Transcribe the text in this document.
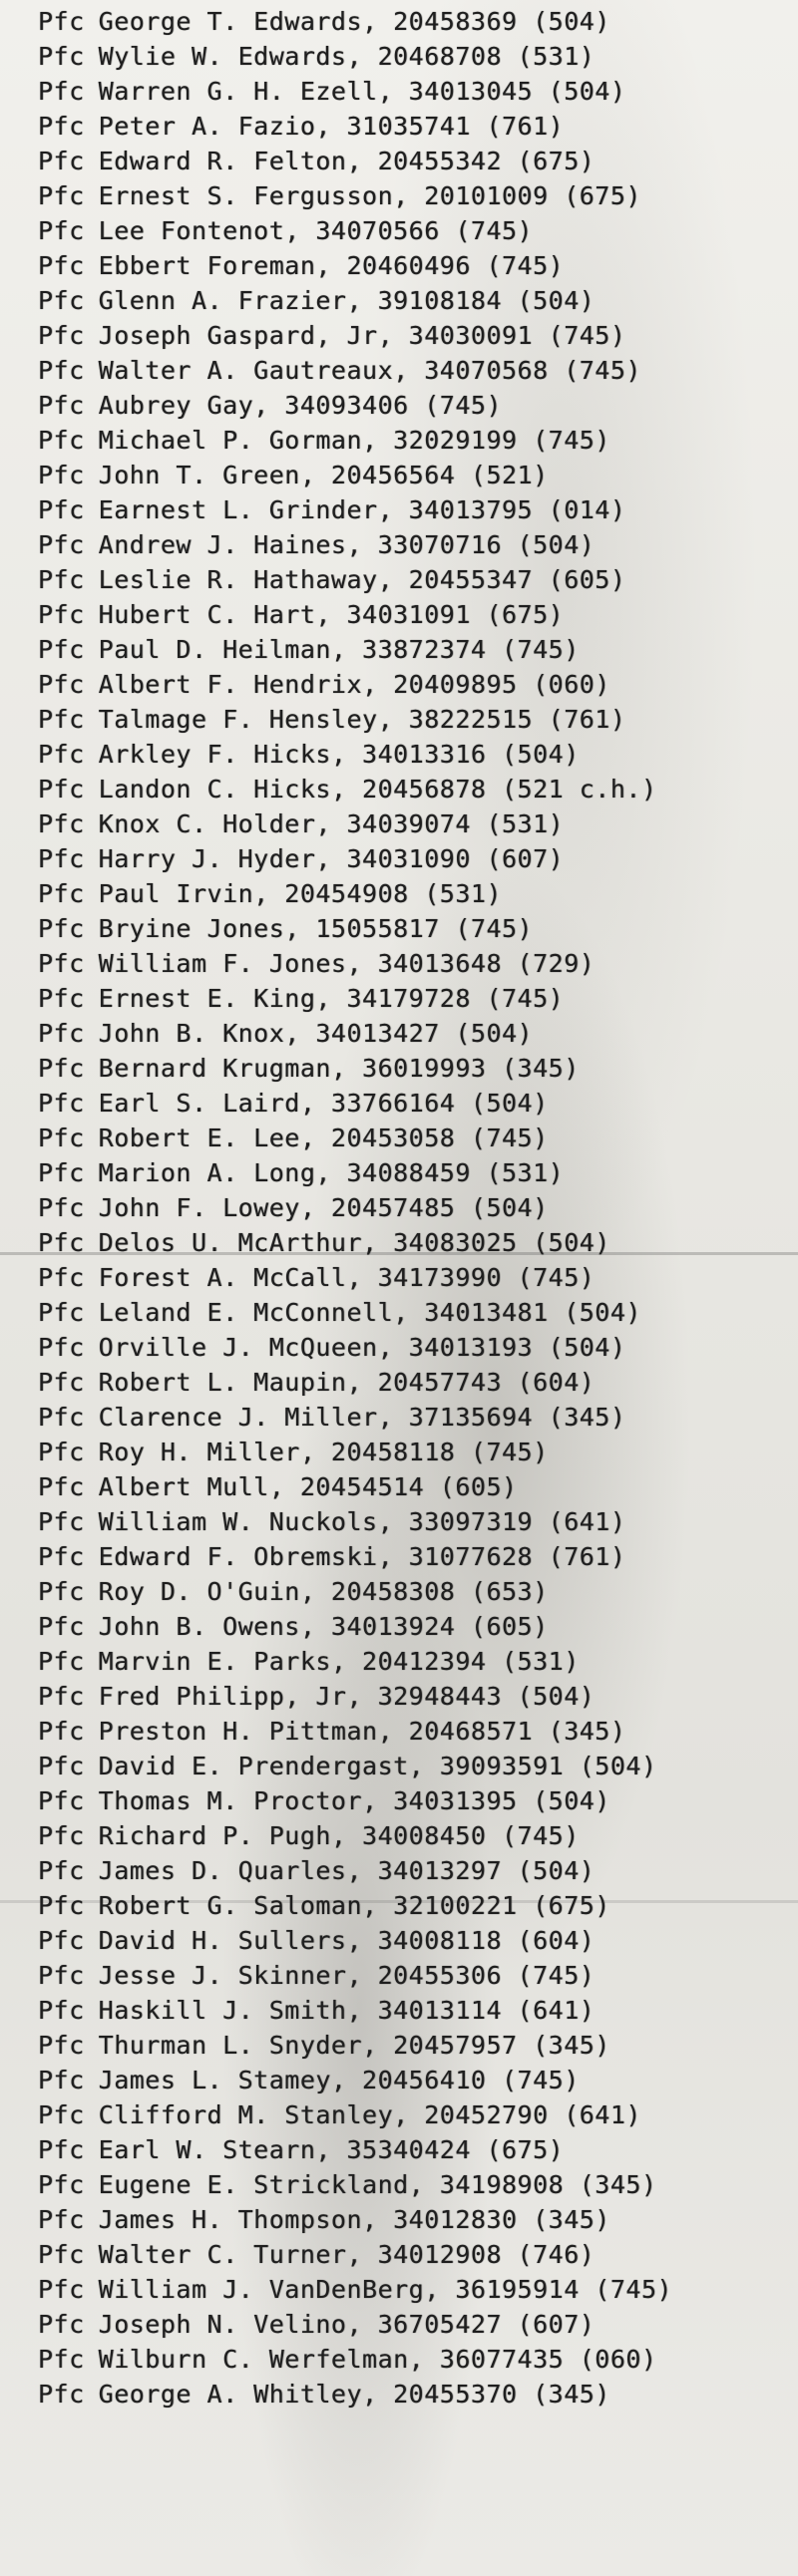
Pfc George T. Edwards, 20458369 (504)
Pfc Wylie W. Edwards, 20468708 (531)
Pfc Warren G. H. Ezell, 34013045 (504)
Pfc Peter A. Fazio, 31035741 (761)
Pfc Edward R. Felton, 20455342 (675)
Pfc Ernest S. Fergusson, 20101009 (675)
Pfc Lee Fontenot, 34070566 (745)
Pfc Ebbert Foreman, 20460496 (745)
Pfc Glenn A. Frazier, 39108184 (504)
Pfc Joseph Gaspard, Jr, 34030091 (745)
Pfc Walter A. Gautreaux, 34070568 (745)
Pfc Aubrey Gay, 34093406 (745)
Pfc Michael P. Gorman, 32029199 (745)
Pfc John T. Green, 20456564 (521)
Pfc Earnest L. Grinder, 34013795 (014)
Pfc Andrew J. Haines, 33070716 (504)
Pfc Leslie R. Hathaway, 20455347 (605)
Pfc Hubert C. Hart, 34031091 (675)
Pfc Paul D. Heilman, 33872374 (745)
Pfc Albert F. Hendrix, 20409895 (060)
Pfc Talmage F. Hensley, 38222515 (761)
Pfc Arkley F. Hicks, 34013316 (504)
Pfc Landon C. Hicks, 20456878 (521 c.h.)
Pfc Knox C. Holder, 34039074 (531)
Pfc Harry J. Hyder, 34031090 (607)
Pfc Paul Irvin, 20454908 (531)
Pfc Bryine Jones, 15055817 (745)
Pfc William F. Jones, 34013648 (729)
Pfc Ernest E. King, 34179728 (745)
Pfc John B. Knox, 34013427 (504)
Pfc Bernard Krugman, 36019993 (345)
Pfc Earl S. Laird, 33766164 (504)
Pfc Robert E. Lee, 20453058 (745)
Pfc Marion A. Long, 34088459 (531)
Pfc John F. Lowey, 20457485 (504)
Pfc Delos U. McArthur, 34083025 (504)
Pfc Forest A. McCall, 34173990 (745)
Pfc Leland E. McConnell, 34013481 (504)
Pfc Orville J. McQueen, 34013193 (504)
Pfc Robert L. Maupin, 20457743 (604)
Pfc Clarence J. Miller, 37135694 (345)
Pfc Roy H. Miller, 20458118 (745)
Pfc Albert Mull, 20454514 (605)
Pfc William W. Nuckols, 33097319 (641)
Pfc Edward F. Obremski, 31077628 (761)
Pfc Roy D. O'Guin, 20458308 (653)
Pfc John B. Owens, 34013924 (605)
Pfc Marvin E. Parks, 20412394 (531)
Pfc Fred Philipp, Jr, 32948443 (504)
Pfc Preston H. Pittman, 20468571 (345)
Pfc David E. Prendergast, 39093591 (504)
Pfc Thomas M. Proctor, 34031395 (504)
Pfc Richard P. Pugh, 34008450 (745)
Pfc James D. Quarles, 34013297 (504)
Pfc Robert G. Saloman, 32100221 (675)
Pfc David H. Sullers, 34008118 (604)
Pfc Jesse J. Skinner, 20455306 (745)
Pfc Haskill J. Smith, 34013114 (641)
Pfc Thurman L. Snyder, 20457957 (345)
Pfc James L. Stamey, 20456410 (745)
Pfc Clifford M. Stanley, 20452790 (641)
Pfc Earl W. Stearn, 35340424 (675)
Pfc Eugene E. Strickland, 34198908 (345)
Pfc James H. Thompson, 34012830 (345)
Pfc Walter C. Turner, 34012908 (746)
Pfc William J. VanDenBerg, 36195914 (745)
Pfc Joseph N. Velino, 36705427 (607)
Pfc Wilburn C. Werfelman, 36077435 (060)
Pfc George A. Whitley, 20455370 (345)
